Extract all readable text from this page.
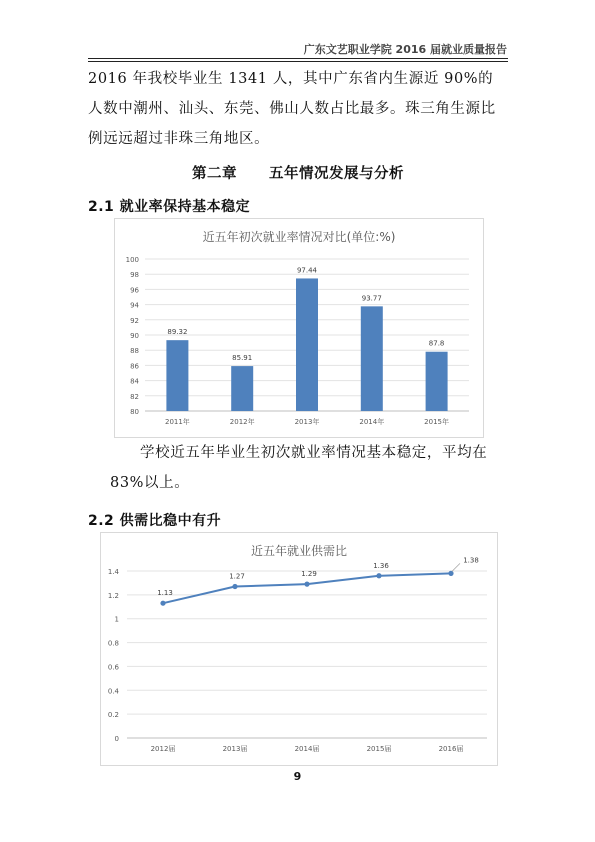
广东文艺职业学院 2016 届就业质量报告

2016 年我校毕业生 1341 人，其中广东省内生源近 90%的人数中潮州、汕头、东莞、佛山人数占比最多。珠三角生源比例远远超过非珠三角地区。

第二章 五年情况发展与分析
2.1 就业率保持基本稳定
近五年初次就业率情况对比(单位:%)
80
82
84
86
88
90
92
94
96
98
100
89.32
2011年
85.91
2012年
97.44
2013年
93.77
2014年
87.8
2015年

学校近五年毕业生初次就业率情况基本稳定，平均在 83%以上。

2.2 供需比稳中有升
近五年就业供需比
0
0.2
0.4
0.6
0.8
1
1.2
1.4
1.13
2012届
1.27
2013届
1.29
2014届
1.36
2015届
1.38
2016届
9
